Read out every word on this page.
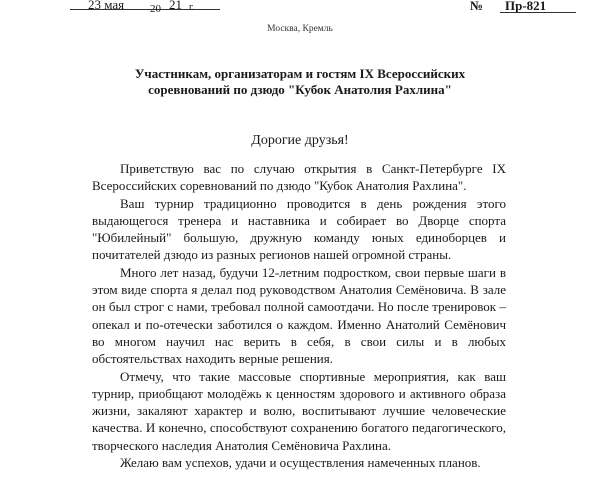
23 мая 20 21 г.	№ Пр-821
Москва, Кремль
Участникам, организаторам и гостям IX Всероссийских
соревнований по дзюдо "Кубок Анатолия Рахлина"
Дорогие друзья!

Приветствую вас по случаю открытия в Санкт-Петербурге IX Всероссийских соревнований по дзюдо "Кубок Анатолия Рахлина".

Ваш турнир традиционно проводится в день рождения этого выдающегося тренера и наставника и собирает во Дворце спорта "Юбилейный" большую, дружную команду юных единоборцев и почитателей дзюдо из разных регионов нашей огромной страны.

Много лет назад, будучи 12-летним подростком, свои первые шаги в этом виде спорта я делал под руководством Анатолия Семёновича. В зале он был строг с нами, требовал полной самоотдачи. Но после тренировок – опекал и по-отечески заботился о каждом. Именно Анатолий Семёнович во многом научил нас верить в себя, в свои силы и в любых обстоятельствах находить верные решения.

Отмечу, что такие массовые спортивные мероприятия, как ваш турнир, приобщают молодёжь к ценностям здорового и активного образа жизни, закаляют характер и волю, воспитывают лучшие человеческие качества. И конечно, способствуют сохранению богатого педагогического, творческого наследия Анатолия Семёновича Рахлина.

Желаю вам успехов, удачи и осуществления намеченных планов.
